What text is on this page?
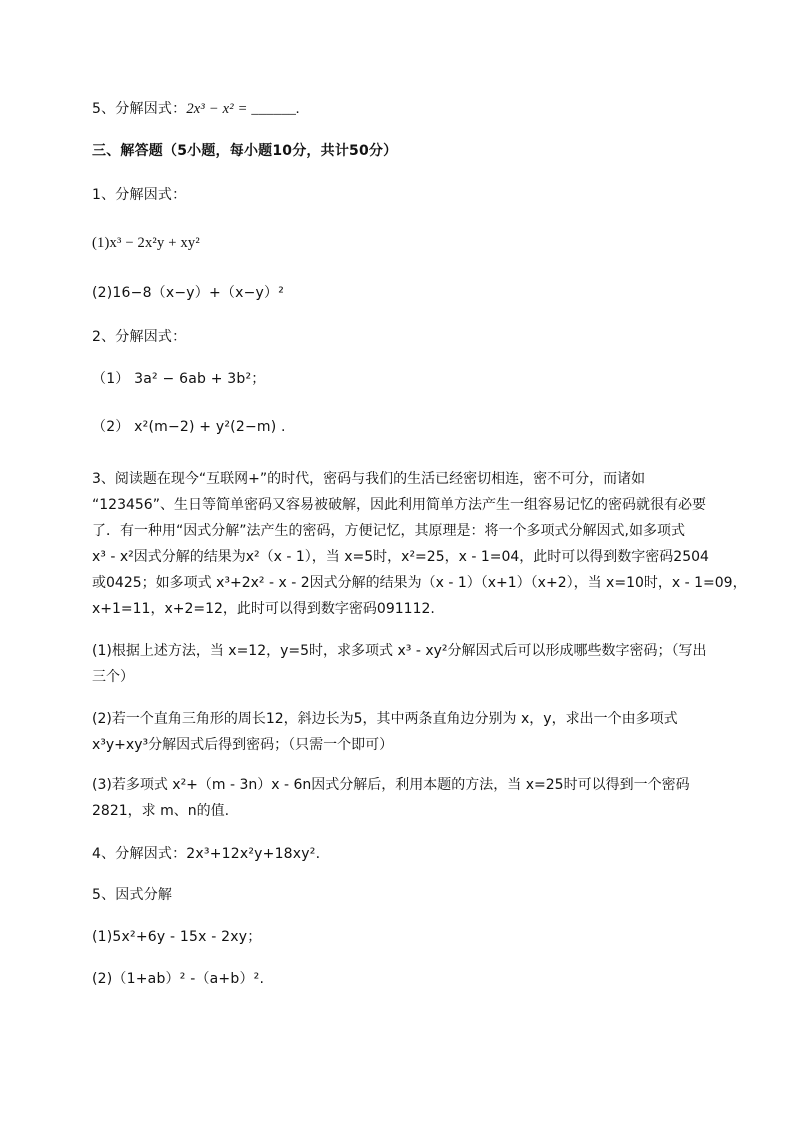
5、分解因式：2x³ − x² = ______.
三、解答题（5小题，每小题10分，共计50分）
1、分解因式：
(1)x³ − 2x²y + xy²
(2)16−8（x−y）+（x−y）²
2、分解因式：
（1） 3a² − 6ab + 3b²；
（2） x²(m−2) + y²(2−m) .
3、阅读题在现今“互联网+”的时代，密码与我们的生活已经密切相连，密不可分，而诸如
“123456”、生日等简单密码又容易被破解，因此利用简单方法产生一组容易记忆的密码就很有必要
了．有一种用“因式分解”法产生的密码，方便记忆，其原理是：将一个多项式分解因式,如多项式
x³ - x²因式分解的结果为x²（x - 1），当 x=5时，x²=25，x - 1=04，此时可以得到数字密码2504
或0425；如多项式 x³+2x² - x - 2因式分解的结果为（x - 1）（x+1）（x+2），当 x=10时，x - 1=09，
x+1=11，x+2=12，此时可以得到数字密码091112.
(1)根据上述方法，当 x=12，y=5时，求多项式 x³ - xy²分解因式后可以形成哪些数字密码；（写出
三个）
(2)若一个直角三角形的周长12，斜边长为5，其中两条直角边分别为 x，y，求出一个由多项式
x³y+xy³分解因式后得到密码；（只需一个即可）
(3)若多项式 x²+（m - 3n）x - 6n因式分解后，利用本题的方法，当 x=25时可以得到一个密码
2821，求 m、n的值.
4、分解因式：2x³+12x²y+18xy².
5、因式分解
(1)5x²+6y - 15x - 2xy；
(2)（1+ab）² -（a+b）².
